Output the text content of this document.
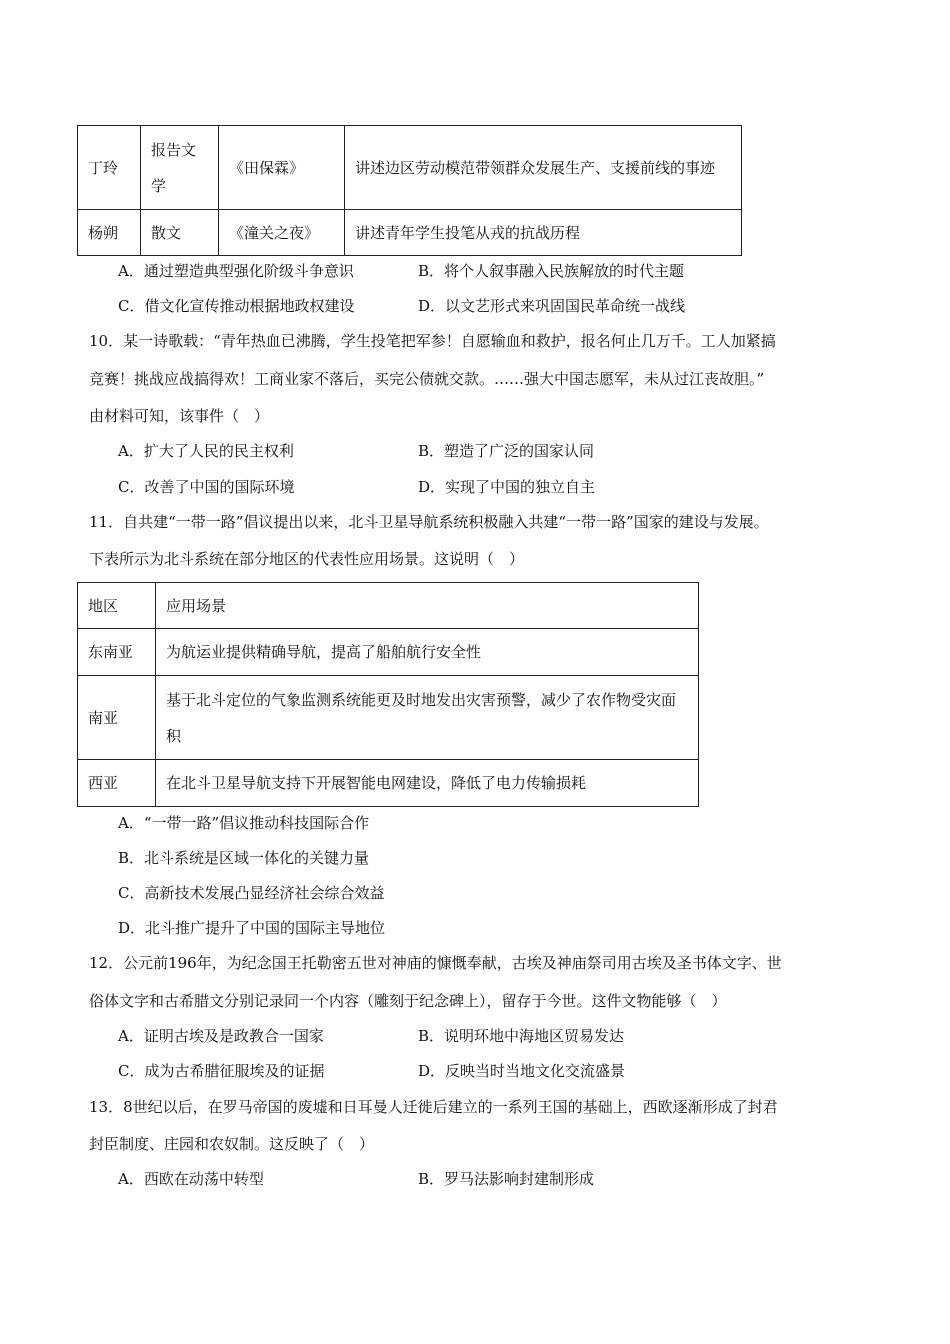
丁玲	报告文学	《田保霖》	讲述边区劳动模范带领群众发展生产、支援前线的事迹
杨朔	散文	《潼关之夜》	讲述青年学生投笔从戎的抗战历程
A．通过塑造典型强化阶级斗争意识	B．将个人叙事融入民族解放的时代主题
C．借文化宣传推动根据地政权建设	D．以文艺形式来巩固国民革命统一战线
10．某一诗歌载：“青年热血已沸腾，学生投笔把军参！自愿输血和救护，报名何止几万千。工人加紧搞
竞赛！挑战应战搞得欢！工商业家不落后，买完公债就交款。……强大中国志愿军，未从过江丧故胆。”
由材料可知，该事件（　）
A．扩大了人民的民主权利	B．塑造了广泛的国家认同
C．改善了中国的国际环境	D．实现了中国的独立自主
11．自共建“一带一路”倡议提出以来，北斗卫星导航系统积极融入共建“一带一路”国家的建设与发展。
下表所示为北斗系统在部分地区的代表性应用场景。这说明（　）
地区	应用场景
东南亚	为航运业提供精确导航，提高了船舶航行安全性
南亚	基于北斗定位的气象监测系统能更及时地发出灾害预警，减少了农作物受灾面积
西亚	在北斗卫星导航支持下开展智能电网建设，降低了电力传输损耗
A．“一带一路”倡议推动科技国际合作
B．北斗系统是区域一体化的关键力量
C．高新技术发展凸显经济社会综合效益
D．北斗推广提升了中国的国际主导地位
12．公元前196年，为纪念国王托勒密五世对神庙的慷慨奉献，古埃及神庙祭司用古埃及圣书体文字、世
俗体文字和古希腊文分别记录同一个内容（雕刻于纪念碑上），留存于今世。这件文物能够（　）
A．证明古埃及是政教合一国家	B．说明环地中海地区贸易发达
C．成为古希腊征服埃及的证据	D．反映当时当地文化交流盛景
13．8世纪以后，在罗马帝国的废墟和日耳曼人迁徙后建立的一系列王国的基础上，西欧逐渐形成了封君
封臣制度、庄园和农奴制。这反映了（　）
A．西欧在动荡中转型	B．罗马法影响封建制形成
